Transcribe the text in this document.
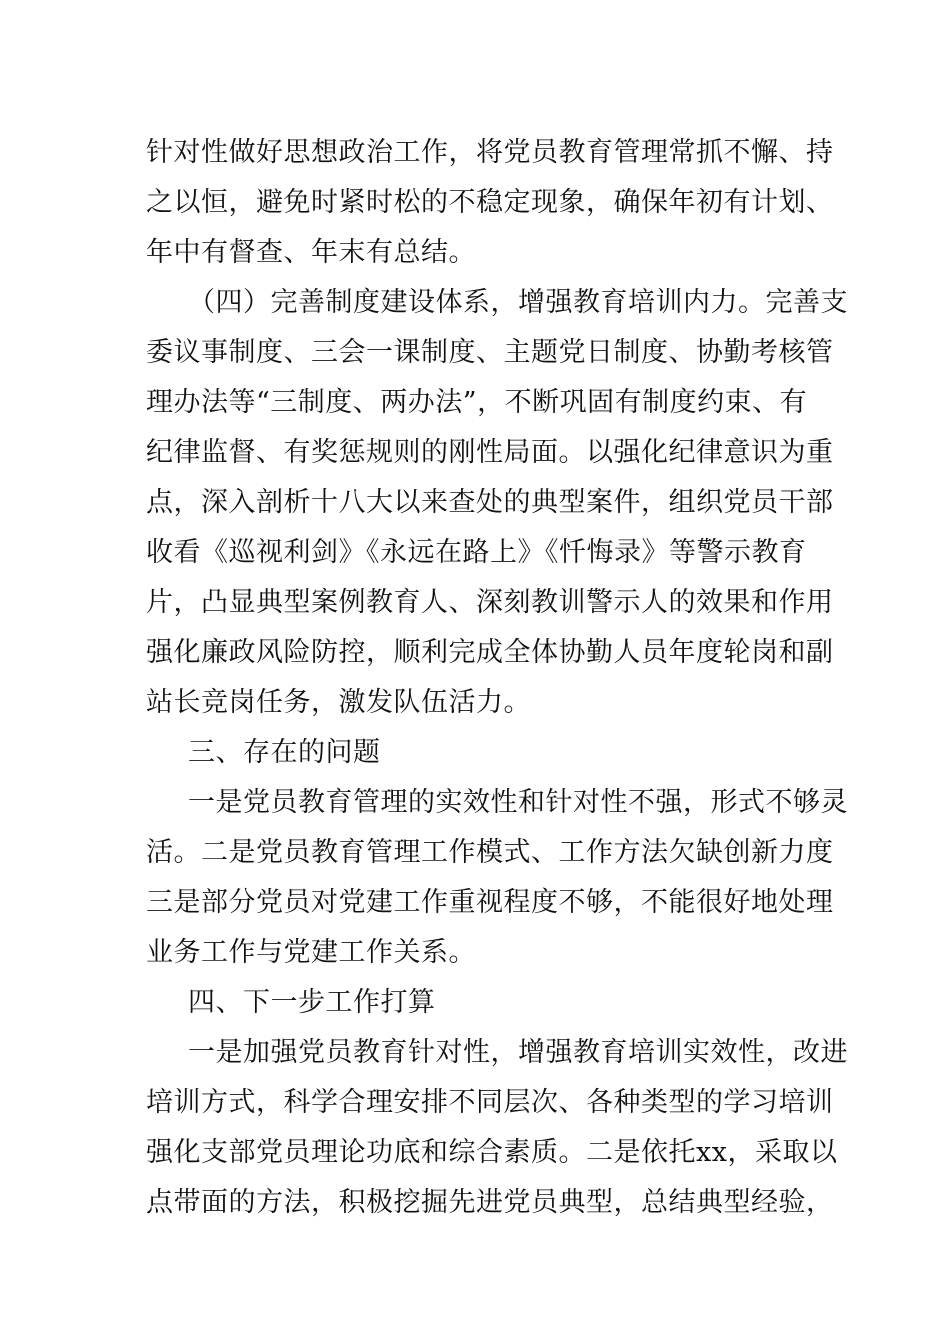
针对性做好思想政治工作，将党员教育管理常抓不懈、持
之以恒，避免时紧时松的不稳定现象，确保年初有计划、
年中有督查、年末有总结。
（四）完善制度建设体系，增强教育培训内力。完善支
委议事制度、三会一课制度、主题党日制度、协勤考核管
理办法等“三制度、两办法”，不断巩固有制度约束、有
纪律监督、有奖惩规则的刚性局面。以强化纪律意识为重
点，深入剖析十八大以来查处的典型案件，组织党员干部
收看《巡视利剑》《永远在路上》《忏悔录》等警示教育
片，凸显典型案例教育人、深刻教训警示人的效果和作用
强化廉政风险防控，顺利完成全体协勤人员年度轮岗和副
站长竞岗任务，激发队伍活力。
三、存在的问题
一是党员教育管理的实效性和针对性不强，形式不够灵
活。二是党员教育管理工作模式、工作方法欠缺创新力度
三是部分党员对党建工作重视程度不够，不能很好地处理
业务工作与党建工作关系。
四、下一步工作打算
一是加强党员教育针对性，增强教育培训实效性，改进
培训方式，科学合理安排不同层次、各种类型的学习培训
强化支部党员理论功底和综合素质。二是依托xx，采取以
点带面的方法，积极挖掘先进党员典型，总结典型经验，
